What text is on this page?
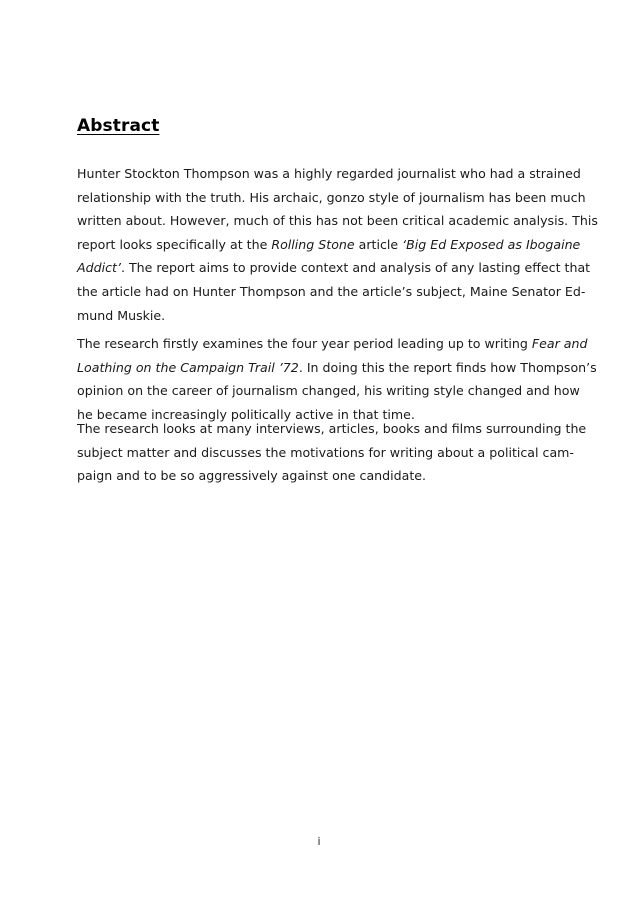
Abstract
Hunter Stockton Thompson was a highly regarded journalist who had a strained
relationship with the truth. His archaic, gonzo style of journalism has been much
written about. However, much of this has not been critical academic analysis. This
report looks specifically at the Rolling Stone article ‘Big Ed Exposed as Ibogaine
Addict’. The report aims to provide context and analysis of any lasting effect that
the article had on Hunter Thompson and the article’s subject, Maine Senator Ed-
mund Muskie.
The research firstly examines the four year period leading up to writing Fear and
Loathing on the Campaign Trail ’72. In doing this the report finds how Thompson’s
opinion on the career of journalism changed, his writing style changed and how
he became increasingly politically active in that time.
The research looks at many interviews, articles, books and films surrounding the
subject matter and discusses the motivations for writing about a political cam-
paign and to be so aggressively against one candidate.
i
